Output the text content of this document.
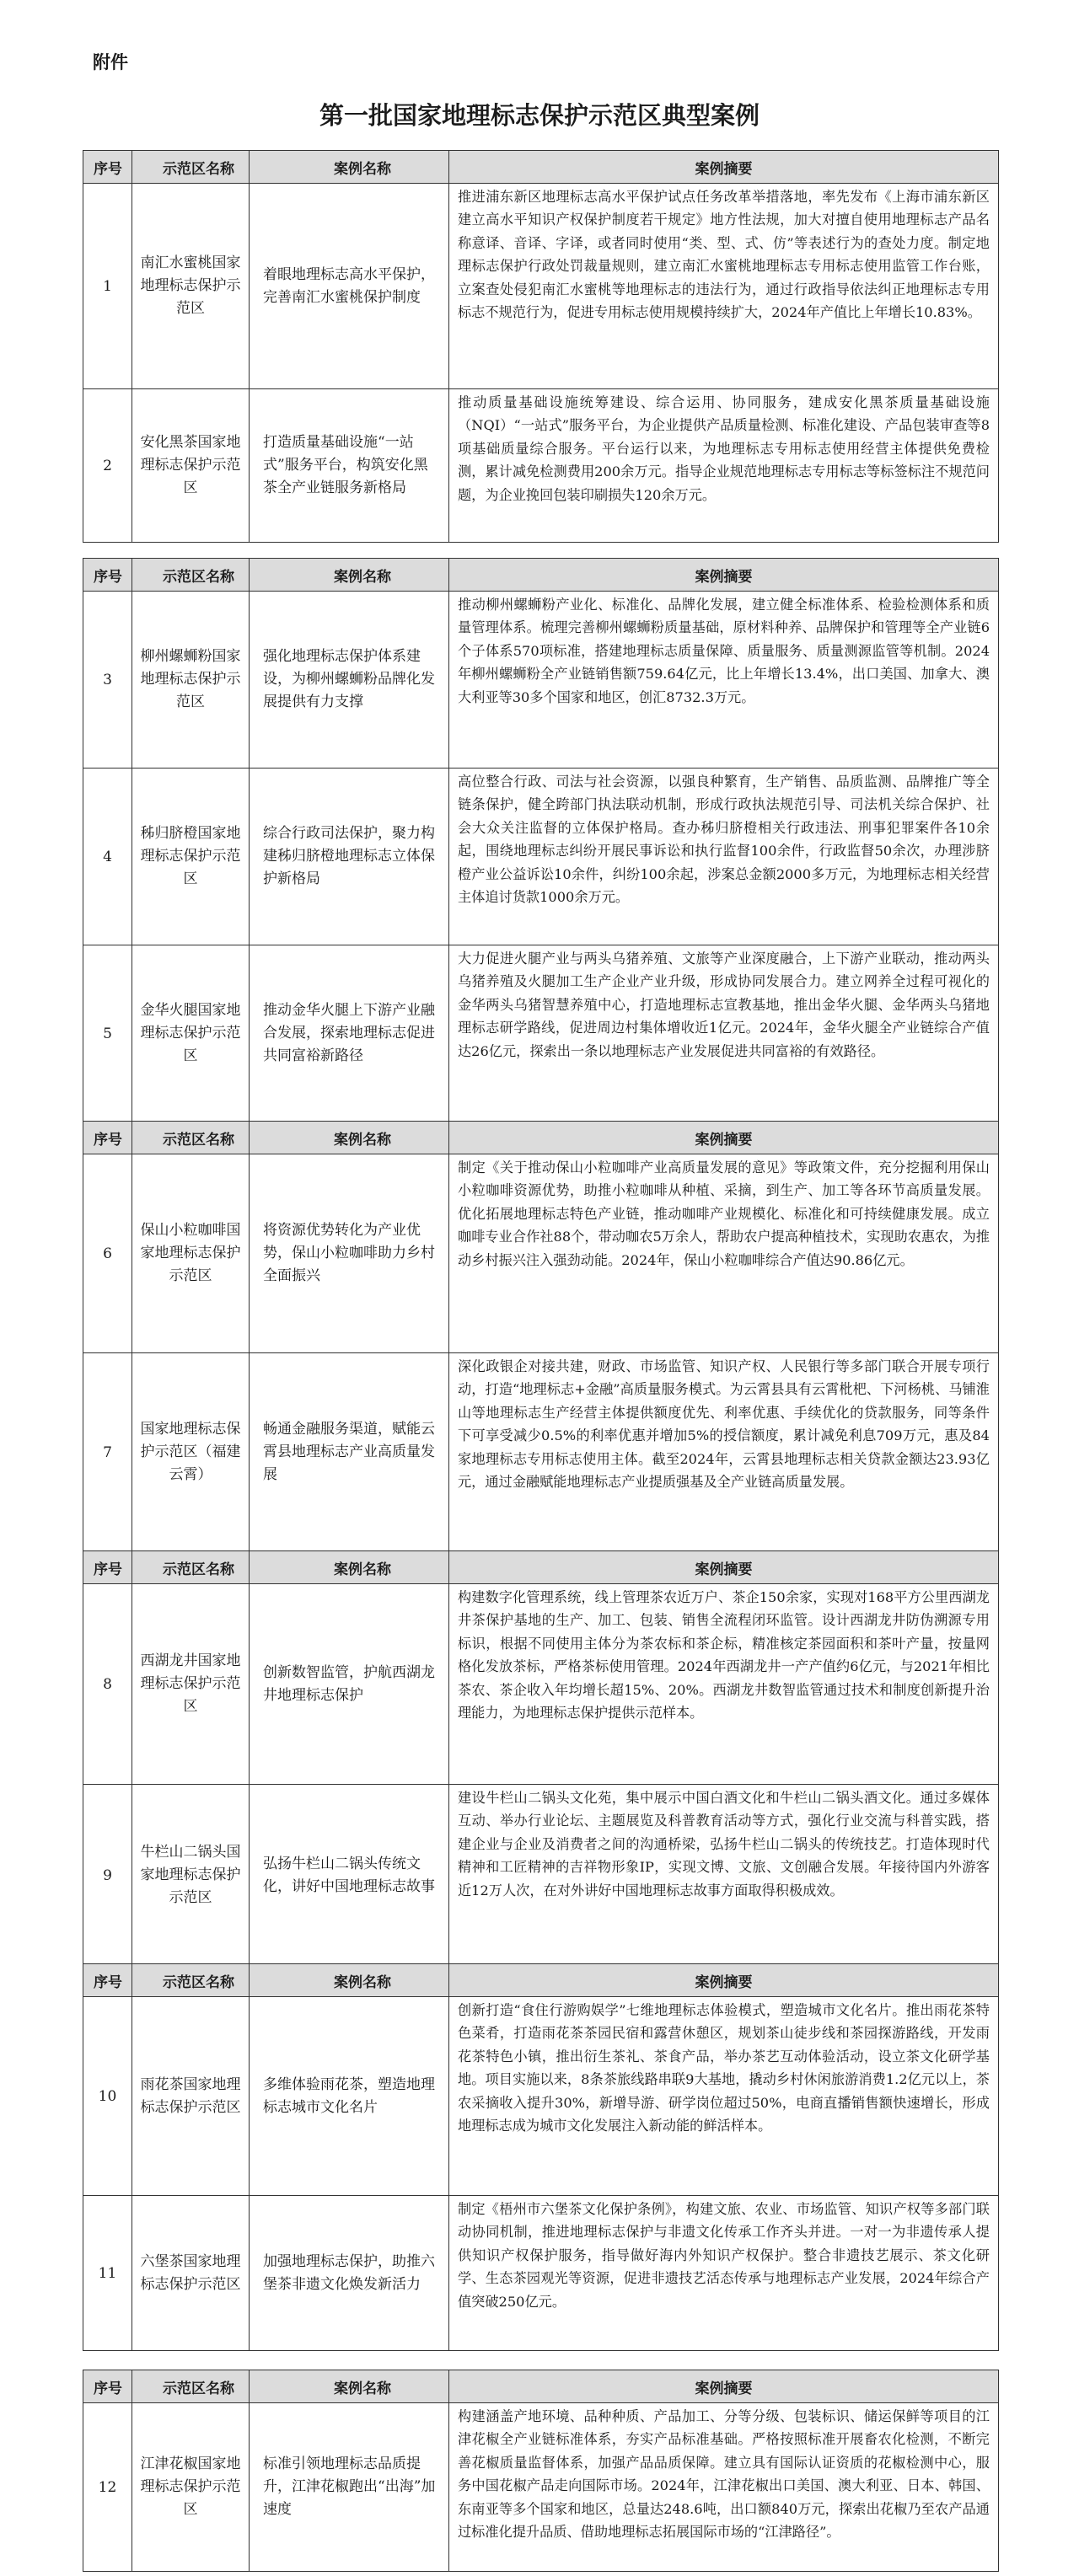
附件
第一批国家地理标志保护示范区典型案例
序号	示范区名称	案例名称	案例摘要
1	南汇水蜜桃国家地理标志保护示范区	着眼地理标志高水平保护，完善南汇水蜜桃保护制度	推进浦东新区地理标志高水平保护试点任务改革举措落地，率先发布《上海市浦东新区建立高水平知识产权保护制度若干规定》地方性法规，加大对擅自使用地理标志产品名称意译、音译、字译，或者同时使用“类、型、式、仿”等表述行为的查处力度。制定地理标志保护行政处罚裁量规则，建立南汇水蜜桃地理标志专用标志使用监管工作台账，立案查处侵犯南汇水蜜桃等地理标志的违法行为，通过行政指导依法纠正地理标志专用标志不规范行为，促进专用标志使用规模持续扩大，2024年产值比上年增长10.83%。
2	安化黑茶国家地理标志保护示范区	打造质量基础设施“一站式”服务平台，构筑安化黑茶全产业链服务新格局	推动质量基础设施统筹建设、综合运用、协同服务，建成安化黑茶质量基础设施（NQI）“一站式”服务平台，为企业提供产品质量检测、标准化建设、产品包装审查等8项基础质量综合服务。平台运行以来，为地理标志专用标志使用经营主体提供免费检测，累计减免检测费用200余万元。指导企业规范地理标志专用标志等标签标注不规范问题，为企业挽回包装印刷损失120余万元。
序号	示范区名称	案例名称	案例摘要
3	柳州螺蛳粉国家地理标志保护示范区	强化地理标志保护体系建设，为柳州螺蛳粉品牌化发展提供有力支撑	推动柳州螺蛳粉产业化、标准化、品牌化发展，建立健全标准体系、检验检测体系和质量管理体系。梳理完善柳州螺蛳粉质量基础，原材料种养、品牌保护和管理等全产业链6个子体系570项标准，搭建地理标志质量保障、质量服务、质量测源监管等机制。2024年柳州螺蛳粉全产业链销售额759.64亿元，比上年增长13.4%，出口美国、加拿大、澳大利亚等30多个国家和地区，创汇8732.3万元。
4	秭归脐橙国家地理标志保护示范区	综合行政司法保护，聚力构建秭归脐橙地理标志立体保护新格局	高位整合行政、司法与社会资源，以强良种繁育，生产销售、品质监测、品牌推广等全链条保护，健全跨部门执法联动机制，形成行政执法规范引导、司法机关综合保护、社会大众关注监督的立体保护格局。查办秭归脐橙相关行政违法、刑事犯罪案件各10余起，围绕地理标志纠纷开展民事诉讼和执行监督100余件，行政监督50余次，办理涉脐橙产业公益诉讼10余件，纠纷100余起，涉案总金额2000多万元，为地理标志相关经营主体追讨货款1000余万元。
5	金华火腿国家地理标志保护示范区	推动金华火腿上下游产业融合发展，探索地理标志促进共同富裕新路径	大力促进火腿产业与两头乌猪养殖、文旅等产业深度融合，上下游产业联动，推动两头乌猪养殖及火腿加工生产企业产业升级，形成协同发展合力。建立网养全过程可视化的金华两头乌猪智慧养殖中心，打造地理标志宣教基地，推出金华火腿、金华两头乌猪地理标志研学路线，促进周边村集体增收近1亿元。2024年，金华火腿全产业链综合产值达26亿元，探索出一条以地理标志产业发展促进共同富裕的有效路径。
序号	示范区名称	案例名称	案例摘要
6	保山小粒咖啡国家地理标志保护示范区	将资源优势转化为产业优势，保山小粒咖啡助力乡村全面振兴	制定《关于推动保山小粒咖啡产业高质量发展的意见》等政策文件，充分挖掘利用保山小粒咖啡资源优势，助推小粒咖啡从种植、采摘，到生产、加工等各环节高质量发展。优化拓展地理标志特色产业链，推动咖啡产业规模化、标准化和可持续健康发展。成立咖啡专业合作社88个，带动咖农5万余人，帮助农户提高种植技术，实现助农惠农，为推动乡村振兴注入强劲动能。2024年，保山小粒咖啡综合产值达90.86亿元。
7	国家地理标志保护示范区（福建云霄）	畅通金融服务渠道，赋能云霄县地理标志产业高质量发展	深化政银企对接共建，财政、市场监管、知识产权、人民银行等多部门联合开展专项行动，打造“地理标志+金融”高质量服务模式。为云霄县具有云霄枇杷、下河杨桃、马铺淮山等地理标志生产经营主体提供额度优先、利率优惠、手续优化的贷款服务，同等条件下可享受减少0.5%的利率优惠并增加5%的授信额度，累计减免利息709万元，惠及84家地理标志专用标志使用主体。截至2024年，云霄县地理标志相关贷款金额达23.93亿元，通过金融赋能地理标志产业提质强基及全产业链高质量发展。
序号	示范区名称	案例名称	案例摘要
8	西湖龙井国家地理标志保护示范区	创新数智监管，护航西湖龙井地理标志保护	构建数字化管理系统，线上管理茶农近万户、茶企150余家，实现对168平方公里西湖龙井茶保护基地的生产、加工、包装、销售全流程闭环监管。设计西湖龙井防伪溯源专用标识，根据不同使用主体分为茶农标和茶企标，精准核定茶园面积和茶叶产量，按量网格化发放茶标，严格茶标使用管理。2024年西湖龙井一产产值约6亿元，与2021年相比茶农、茶企收入年均增长超15%、20%。西湖龙井数智监管通过技术和制度创新提升治理能力，为地理标志保护提供示范样本。
9	牛栏山二锅头国家地理标志保护示范区	弘扬牛栏山二锅头传统文化，讲好中国地理标志故事	建设牛栏山二锅头文化苑，集中展示中国白酒文化和牛栏山二锅头酒文化。通过多媒体互动、举办行业论坛、主题展览及科普教育活动等方式，强化行业交流与科普实践，搭建企业与企业及消费者之间的沟通桥梁，弘扬牛栏山二锅头的传统技艺。打造体现时代精神和工匠精神的吉祥物形象IP，实现文博、文旅、文创融合发展。年接待国内外游客近12万人次，在对外讲好中国地理标志故事方面取得积极成效。
序号	示范区名称	案例名称	案例摘要
10	雨花茶国家地理标志保护示范区	多维体验雨花茶，塑造地理标志城市文化名片	创新打造“食住行游购娱学”七维地理标志体验模式，塑造城市文化名片。推出雨花茶特色菜肴，打造雨花茶茶园民宿和露营休憩区，规划茶山徒步线和茶园探游路线，开发雨花茶特色小镇，推出衍生茶礼、茶食产品，举办茶艺互动体验活动，设立茶文化研学基地。项目实施以来，8条茶旅线路串联9大基地，撬动乡村休闲旅游消费1.2亿元以上，茶农采摘收入提升30%，新增导游、研学岗位超过50%，电商直播销售额快速增长，形成地理标志成为城市文化发展注入新动能的鲜活样本。
11	六堡茶国家地理标志保护示范区	加强地理标志保护，助推六堡茶非遗文化焕发新活力	制定《梧州市六堡茶文化保护条例》，构建文旅、农业、市场监管、知识产权等多部门联动协同机制，推进地理标志保护与非遗文化传承工作齐头并进。一对一为非遗传承人提供知识产权保护服务，指导做好海内外知识产权保护。整合非遗技艺展示、茶文化研学、生态茶园观光等资源，促进非遗技艺活态传承与地理标志产业发展，2024年综合产值突破250亿元。
序号	示范区名称	案例名称	案例摘要
12	江津花椒国家地理标志保护示范区	标准引领地理标志品质提升，江津花椒跑出“出海”加速度	构建涵盖产地环境、品种种质、产品加工、分等分级、包装标识、储运保鲜等项目的江津花椒全产业链标准体系，夯实产品标准基础。严格按照标准开展畜农化检测，不断完善花椒质量监督体系，加强产品品质保障。建立具有国际认证资质的花椒检测中心，服务中国花椒产品走向国际市场。2024年，江津花椒出口美国、澳大利亚、日本、韩国、东南亚等多个国家和地区，总量达248.6吨，出口额840万元，探索出花椒乃至农产品通过标准化提升品质、借助地理标志拓展国际市场的“江津路径”。
